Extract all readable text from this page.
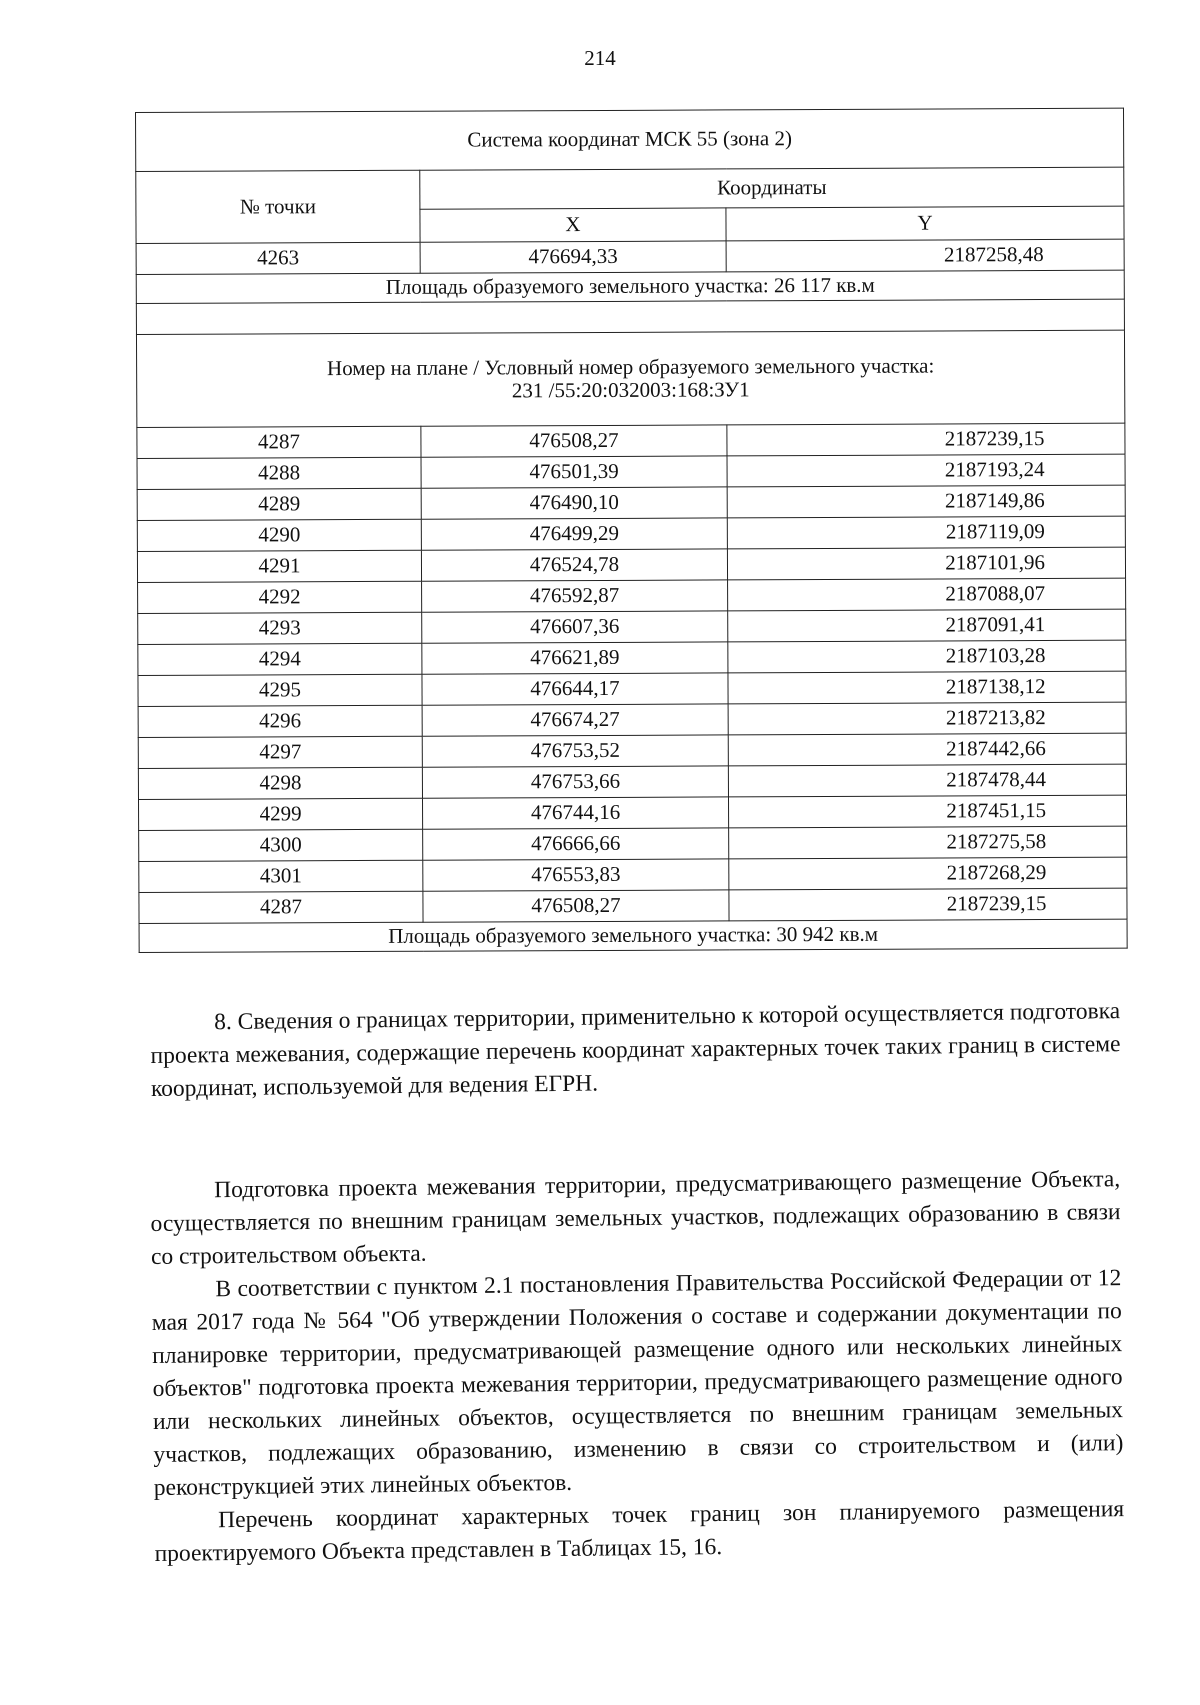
214
Система координат МСК 55 (зона 2)		
№ точки	Координаты	
	X	Y
4263	476694,33	2187258,48
Площадь образуемого земельного участка: 26 117 кв.м		

Номер на плане / Условный номер образуемого земельного участка:
231 /55:20:032003:168:ЗУ1		

4287	476508,27	2187239,15
4288	476501,39	2187193,24
4289	476490,10	2187149,86
4290	476499,29	2187119,09
4291	476524,78	2187101,96
4292	476592,87	2187088,07
4293	476607,36	2187091,41
4294	476621,89	2187103,28
4295	476644,17	2187138,12
4296	476674,27	2187213,82
4297	476753,52	2187442,66
4298	476753,66	2187478,44
4299	476744,16	2187451,15
4300	476666,66	2187275,58
4301	476553,83	2187268,29
4287	476508,27	2187239,15
Площадь образуемого земельного участка: 30 942 кв.м		

8. Сведения о границах территории, применительно к которой осуществляется подготовка проекта межевания, содержащие перечень координат характерных точек таких границ в системе координат, используемой для ведения ЕГРН.

Подготовка проекта межевания территории, предусматривающего размещение Объекта, осуществляется по внешним границам земельных участков, подлежащих образованию в связи со строительством объекта.

В соответствии с пунктом 2.1 постановления Правительства Российской Федерации от 12 мая 2017 года № 564 "Об утверждении Положения о составе и содержании документации по планировке территории, предусматривающей размещение одного или нескольких линейных объектов" подготовка проекта межевания территории, предусматривающего размещение одного или нескольких линейных объектов, осуществляется по внешним границам земельных участков, подлежащих образованию, изменению в связи со строительством и (или) реконструкцией этих линейных объектов.

Перечень координат характерных точек границ зон планируемого размещения проектируемого Объекта представлен в Таблицах 15, 16.
